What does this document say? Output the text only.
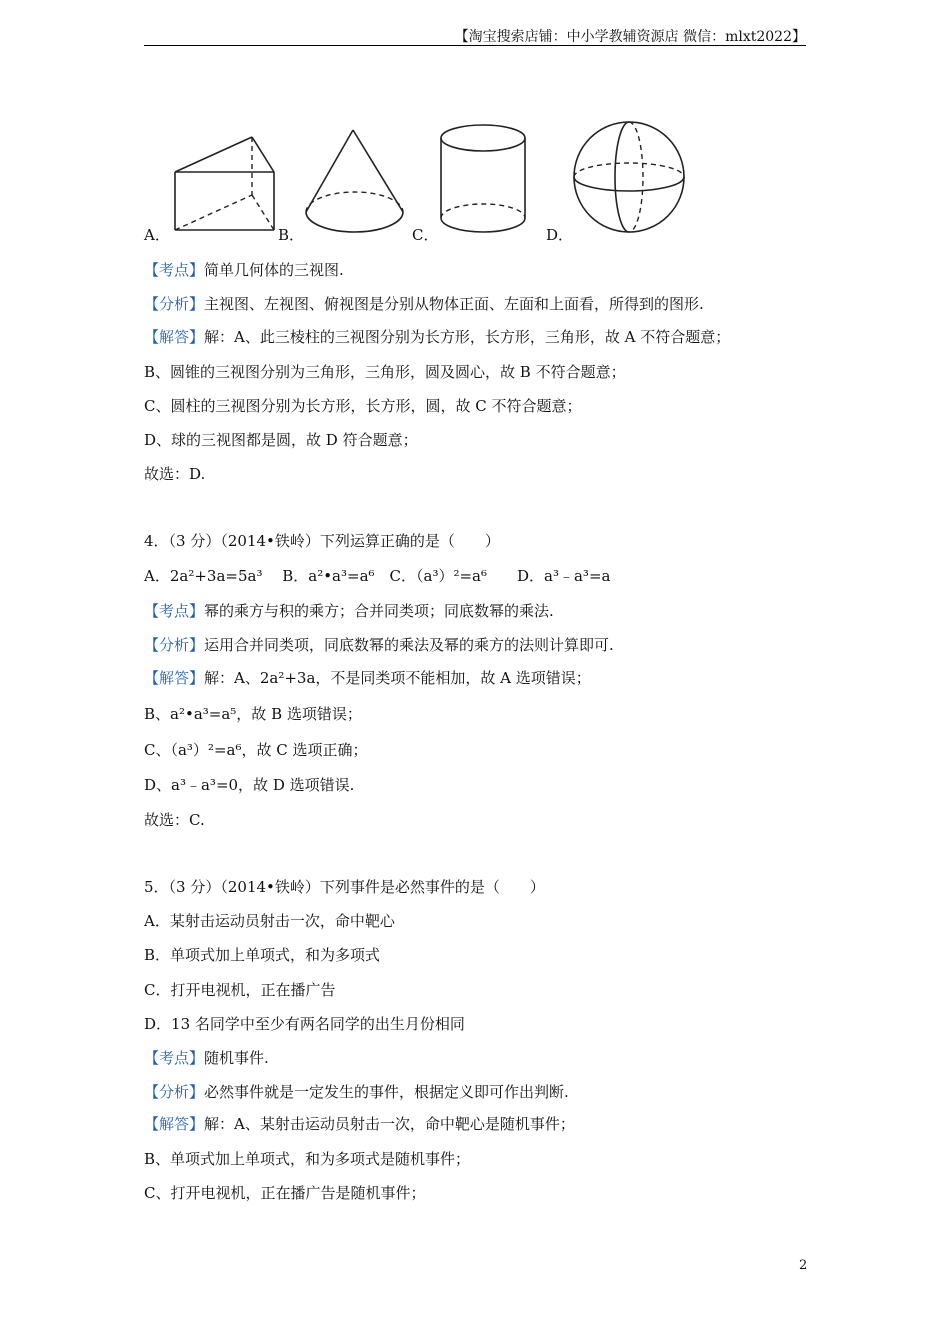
【淘宝搜索店铺：中小学教辅资源店 微信：mlxt2022】
A．	B．	C．	D．
【考点】简单几何体的三视图.
【分析】主视图、左视图、俯视图是分别从物体正面、左面和上面看，所得到的图形.
【解答】解：A、此三棱柱的三视图分别为长方形，长方形，三角形，故 A 不符合题意；
B、圆锥的三视图分别为三角形，三角形，圆及圆心，故 B 不符合题意；
C、圆柱的三视图分别为长方形，长方形，圆，故 C 不符合题意；
D、球的三视图都是圆，故 D 符合题意；
故选：D.
4．（3 分）（2014•铁岭）下列运算正确的是（　　）
A．2a²+3a=5a³　 B．a²•a³=a⁶　C．（a³）²=a⁶　　D．a³﹣a³=a
【考点】幂的乘方与积的乘方；合并同类项；同底数幂的乘法.
【分析】运用合并同类项，同底数幂的乘法及幂的乘方的法则计算即可.
【解答】解：A、2a²+3a，不是同类项不能相加，故 A 选项错误；
B、a²•a³=a⁵，故 B 选项错误；
C、（a³）²=a⁶，故 C 选项正确；
D、a³﹣a³=0，故 D 选项错误.
故选：C.
5．（3 分）（2014•铁岭）下列事件是必然事件的是（　　）
A．某射击运动员射击一次，命中靶心
B．单项式加上单项式，和为多项式
C．打开电视机，正在播广告
D．13 名同学中至少有两名同学的出生月份相同
【考点】随机事件.
【分析】必然事件就是一定发生的事件，根据定义即可作出判断.
【解答】解：A、某射击运动员射击一次，命中靶心是随机事件；
B、单项式加上单项式，和为多项式是随机事件；
C、打开电视机，正在播广告是随机事件；
2
